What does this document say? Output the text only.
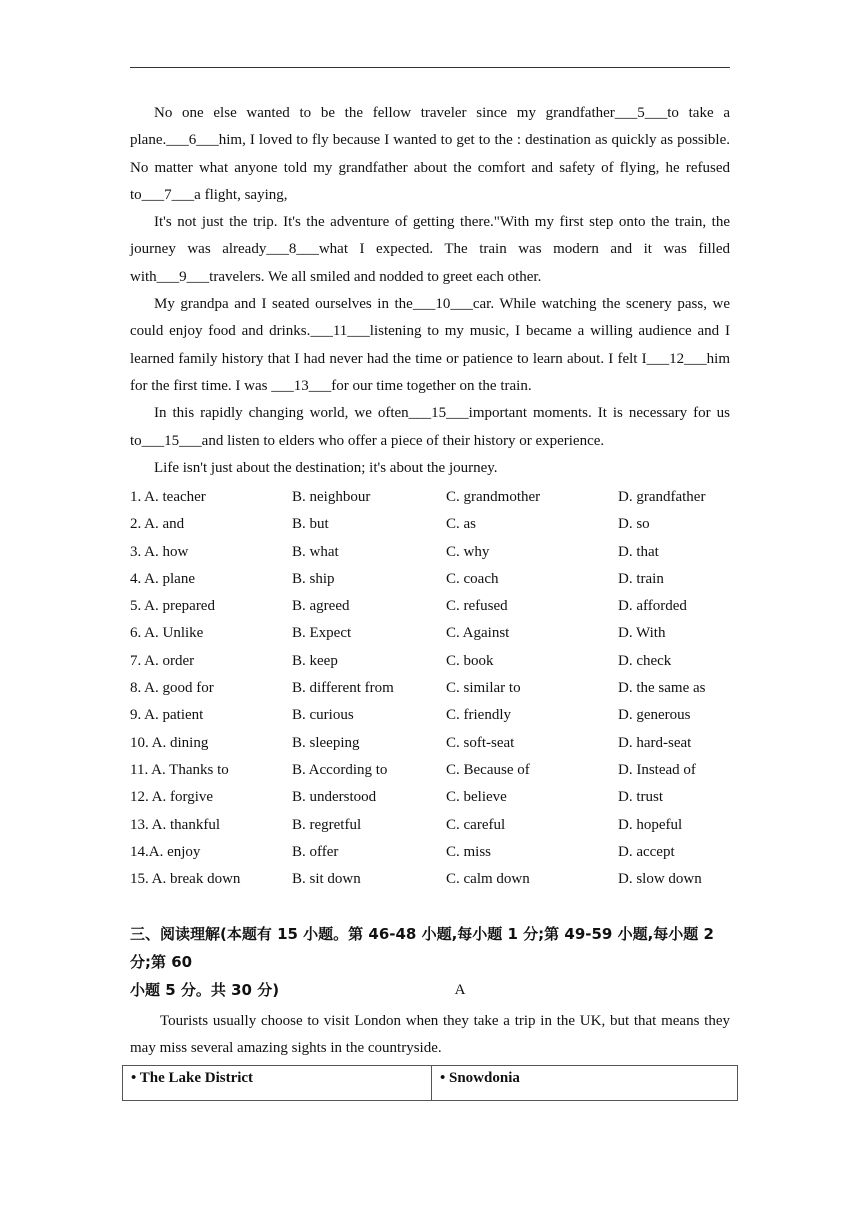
No one else wanted to be the fellow traveler since my grandfather___5___to take a plane.___6___him, I loved to fly because I wanted to get to the : destination as quickly as possible. No matter what anyone told my grandfather about the comfort and safety of flying, he refused to___7___a flight, saying,

It's not just the trip. It's the adventure of getting there."With my first step onto the train, the journey was already___8___what I expected. The train was modern and it was filled with___9___travelers. We all smiled and nodded to greet each other.

My grandpa and I seated ourselves in the___10___car. While watching the scenery pass, we could enjoy food and drinks.___11___listening to my music, I became a willing audience and I learned family history that I had never had the time or patience to learn about. I felt I___12___him for the first time. I was ___13___for our time together on the train.

In this rapidly changing world, we often___15___important moments. It is necessary for us to___15___and listen to elders who offer a piece of their history or experience.

Life isn't just about the destination; it's about the journey.

1. A. teacher	B. neighbour	C. grandmother	D. grandfather
2. A. and	B. but	C. as	D. so
3. A. how	B. what	C. why	D. that
4. A. plane	B. ship	C. coach	D. train
5. A. prepared	B. agreed	C. refused	D. afforded
6. A. Unlike	B. Expect	C. Against	D. With
7. A. order	B. keep	C. book	D. check
8. A. good for	B. different from	C. similar to	D. the same as
9. A. patient	B. curious	C. friendly	D. generous
10. A. dining	B. sleeping	C. soft-seat	D. hard-seat
11. A. Thanks to	B. According to	C. Because of	D. Instead of
12. A. forgive	B. understood	C. believe	D. trust
13. A. thankful	B. regretful	C. careful	D. hopeful
14.A. enjoy	B. offer	C. miss	D. accept
15. A. break down	B. sit down	C. calm down	D. slow down
三、阅读理解(本题有 15 小题。第 46-48 小题,每小题 1 分;第 49-59 小题,每小题 2 分;第 60
小题 5 分。共 30 分)	A

Tourists usually choose to visit London when they take a trip in the UK, but that means they may miss several amazing sights in the countryside.

• The Lake District	• Snowdonia
